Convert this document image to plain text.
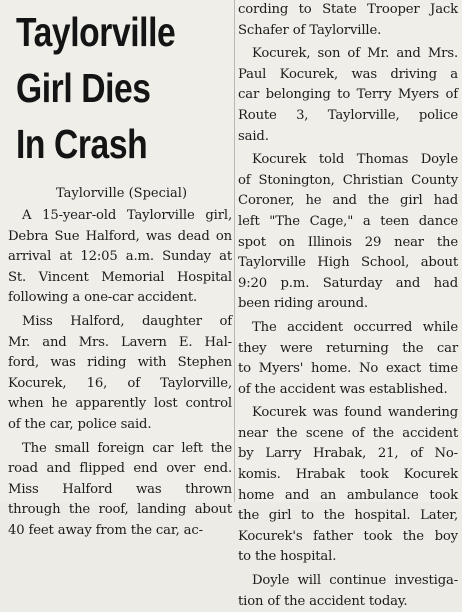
Taylorville
Girl Dies
In Crash
Taylorville (Special)
A 15-year-old Taylorville girl,
Debra Sue Halford, was dead on
arrival at 12:05 a.m. Sunday at
St. Vincent Memorial Hospital
following a one-car accident.
Miss Halford, daughter of
Mr. and Mrs. Lavern E. Hal-
ford, was riding with Stephen
Kocurek, 16, of Taylorville,
when he apparently lost control
of the car, police said.
The small foreign car left the
road and flipped end over end.
Miss Halford was thrown
through the roof, landing about
40 feet away from the car, ac-
cording to State Trooper Jack
Schafer of Taylorville.
Kocurek, son of Mr. and Mrs.
Paul Kocurek, was driving a
car belonging to Terry Myers of
Route 3, Taylorville, police
said.
Kocurek told Thomas Doyle
of Stonington, Christian County
Coroner, he and the girl had
left "The Cage," a teen dance
spot on Illinois 29 near the
Taylorville High School, about
9:20 p.m. Saturday and had
been riding around.
The accident occurred while
they were returning the car
to Myers' home. No exact time
of the accident was established.
Kocurek was found wandering
near the scene of the accident
by Larry Hrabak, 21, of No-
komis. Hrabak took Kocurek
home and an ambulance took
the girl to the hospital. Later,
Kocurek's father took the boy
to the hospital.
Doyle will continue investiga-
tion of the accident today.
